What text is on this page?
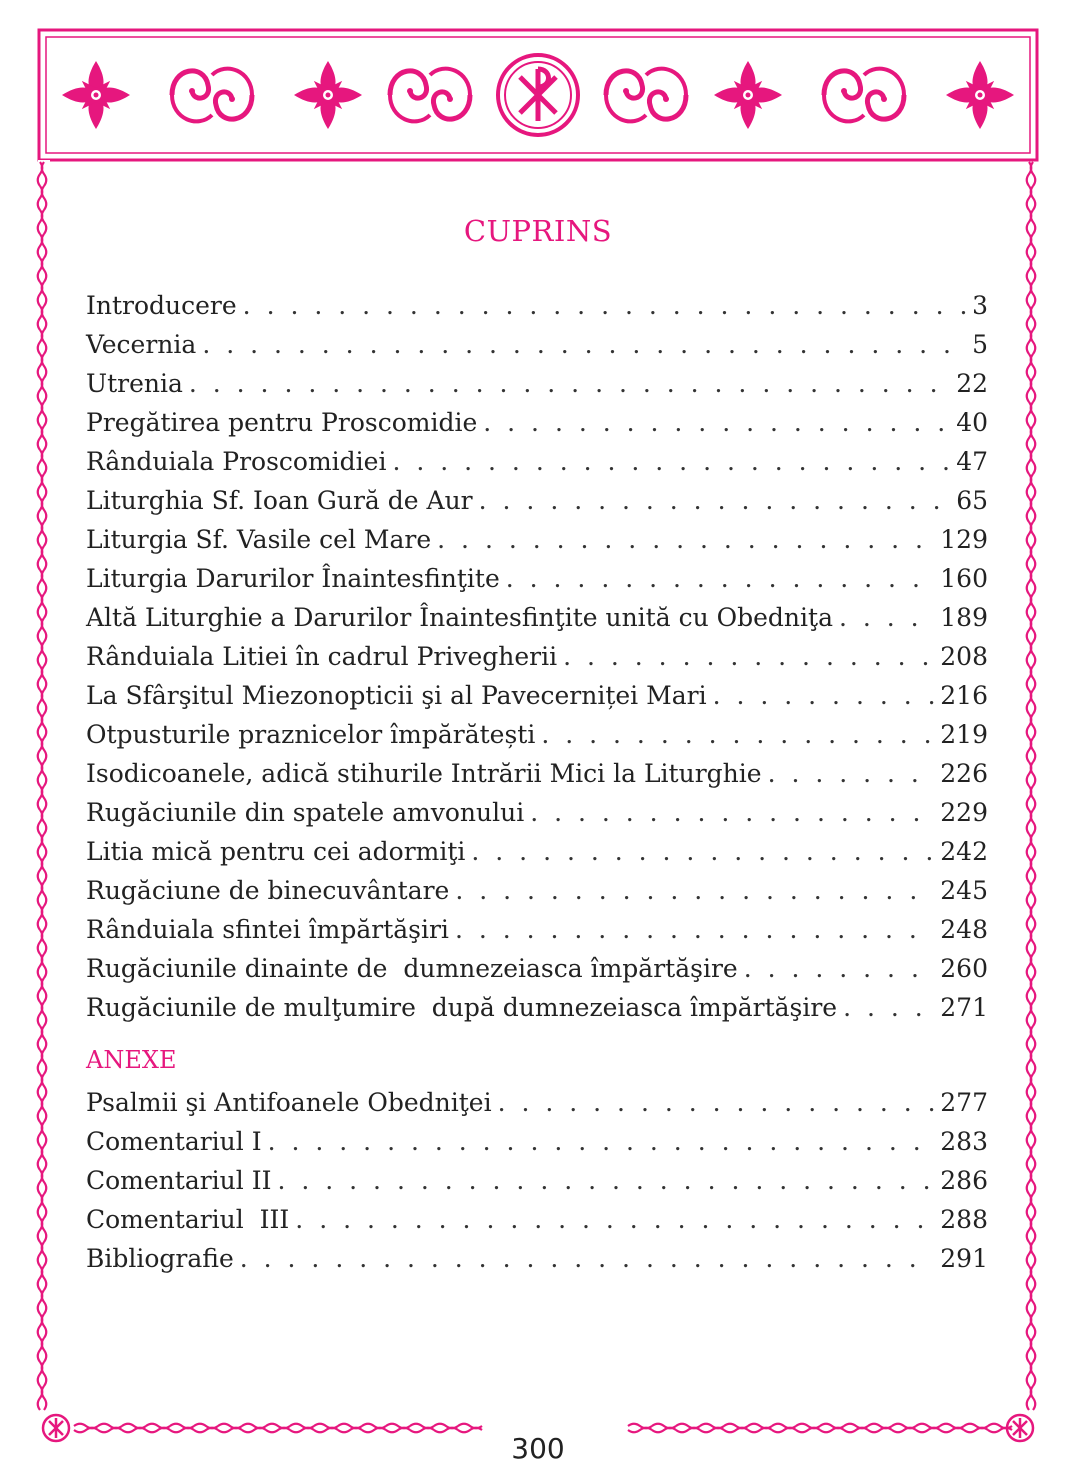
CUPRINS
Introducere . . .	3
Vecernia . . .	5
Utrenia . . .	22
Pregătirea pentru Proscomidie . . .	40
Rânduiala Proscomidiei . . .	47
Liturghia Sf. Ioan Gură de Aur . . .	65
Liturgia Sf. Vasile cel Mare . . .	129
Liturgia Darurilor Înaintesfinţite . . .	160
Altă Liturghie a Darurilor Înaintesfinţite unită cu Obedniţa . . .	189
Rânduiala Litiei în cadrul Privegherii . . .	208
La Sfârşitul Miezonopticii şi al Pavecerniței Mari . . .	216
Otpusturile praznicelor împărătești . . .	219
Isodicoanele, adică stihurile Intrării Mici la Liturghie . . .	226
Rugăciunile din spatele amvonului . . .	229
Litia mică pentru cei adormiţi . . .	242
Rugăciune de binecuvântare . . .	245
Rânduiala sfintei împărtăşiri . . .	248
Rugăciunile dinainte de  dumnezeiasca împărtăşire . . .	260
Rugăciunile de mulţumire  după dumnezeiasca împărtăşire . . .	271
ANEXE
Psalmii şi Antifoanele Obedniţei . . .	277
Comentariul I . . .	283
Comentariul II . . .	286
Comentariul  III . . .	288
Bibliografie . . .	291
300
